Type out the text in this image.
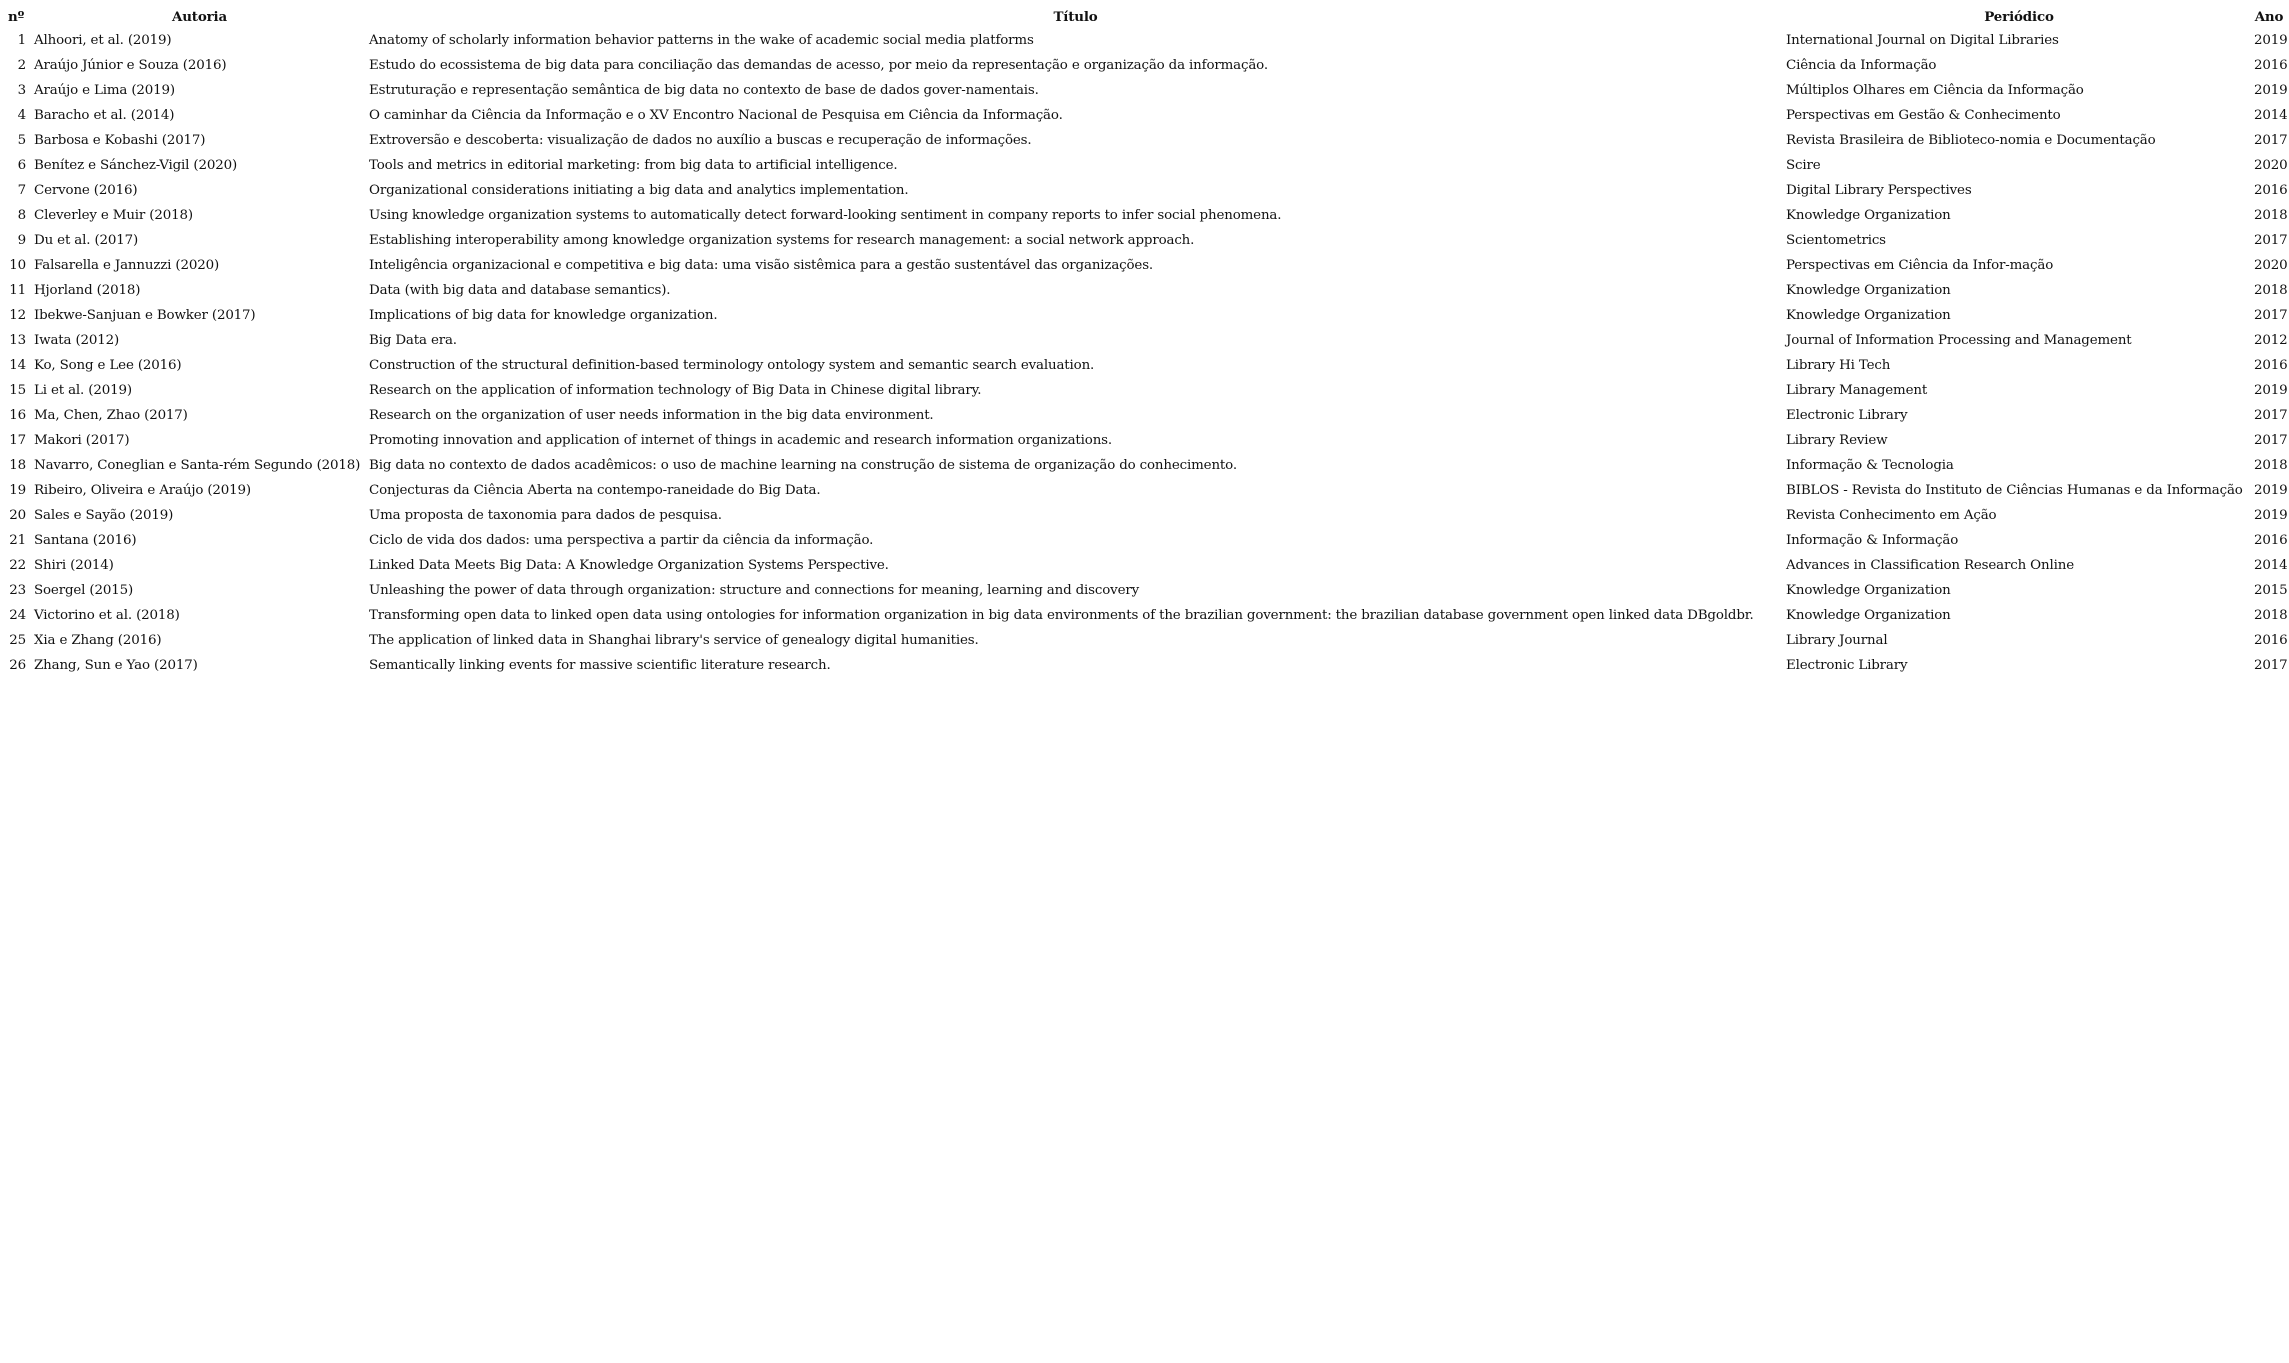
nº	Autoria	Título	Periódico	Ano
1	Alhoori, et al. (2019)	Anatomy of scholarly information behavior patterns in the wake of academic social media platforms	International Journal on Digital Libraries	2019
2	Araújo Júnior e Souza (2016)	Estudo do ecossistema de big data para conciliação das demandas de acesso, por meio da representação e organização da informação.	Ciência da Informação	2016
3	Araújo e Lima (2019)	Estruturação e representação semântica de big data no contexto de base de dados gover-namentais.	Múltiplos Olhares em Ciência da Informação	2019
4	Baracho et al. (2014)	O caminhar da Ciência da Informação e o XV Encontro Nacional de Pesquisa em Ciência da Informação.	Perspectivas em Gestão & Conhecimento	2014
5	Barbosa e Kobashi (2017)	Extroversão e descoberta: visualização de dados no auxílio a buscas e recuperação de informações.	Revista Brasileira de Biblioteco-nomia e Documentação	2017
6	Benítez e Sánchez-Vigil (2020)	Tools and metrics in editorial marketing: from big data to artificial intelligence.	Scire	2020
7	Cervone (2016)	Organizational considerations initiating a big data and analytics implementation.	Digital Library Perspectives	2016
8	Cleverley e Muir (2018)	Using knowledge organization systems to automatically detect forward-looking sentiment in company reports to infer social phenomena.	Knowledge Organization	2018
9	Du et al. (2017)	Establishing interoperability among knowledge organization systems for research management: a social network approach.	Scientometrics	2017
10	Falsarella e Jannuzzi (2020)	Inteligência organizacional e competitiva e big data: uma visão sistêmica para a gestão sustentável das organizações.	Perspectivas em Ciência da Infor-mação	2020
11	Hjorland (2018)	Data (with big data and database semantics).	Knowledge Organization	2018
12	Ibekwe-Sanjuan e Bowker (2017)	Implications of big data for knowledge organization.	Knowledge Organization	2017
13	Iwata (2012)	Big Data era.	Journal of Information Processing and Management	2012
14	Ko, Song e Lee (2016)	Construction of the structural definition-based terminology ontology system and semantic search evaluation.	Library Hi Tech	2016
15	Li et al. (2019)	Research on the application of information technology of Big Data in Chinese digital library.	Library Management	2019
16	Ma, Chen, Zhao (2017)	Research on the organization of user needs information in the big data environment.	Electronic Library	2017
17	Makori (2017)	Promoting innovation and application of internet of things in academic and research information organizations.	Library Review	2017
18	Navarro, Coneglian e Santa-rém Segundo (2018)	Big data no contexto de dados acadêmicos: o uso de machine learning na construção de sistema de organização do conhecimento.	Informação & Tecnologia	2018
19	Ribeiro, Oliveira e Araújo (2019)	Conjecturas da Ciência Aberta na contempo-raneidade do Big Data.	BIBLOS - Revista do Instituto de Ciências Humanas e da Informação	2019
20	Sales e Sayão (2019)	Uma proposta de taxonomia para dados de pesquisa.	Revista Conhecimento em Ação	2019
21	Santana (2016)	Ciclo de vida dos dados: uma perspectiva a partir da ciência da informação.	Informação & Informação	2016
22	Shiri (2014)	Linked Data Meets Big Data: A Knowledge Organization Systems Perspective.	Advances in Classification Research Online	2014
23	Soergel (2015)	Unleashing the power of data through organization: structure and connections for meaning, learning and discovery	Knowledge Organization	2015
24	Victorino et al. (2018)	Transforming open data to linked open data using ontologies for information organization in big data environments of the brazilian government: the brazilian database government open linked data DBgoldbr.	Knowledge Organization	2018
25	Xia e Zhang (2016)	The application of linked data in Shanghai library's service of genealogy digital humanities.	Library Journal	2016
26	Zhang, Sun e Yao (2017)	Semantically linking events for massive scientific literature research.	Electronic Library	2017
